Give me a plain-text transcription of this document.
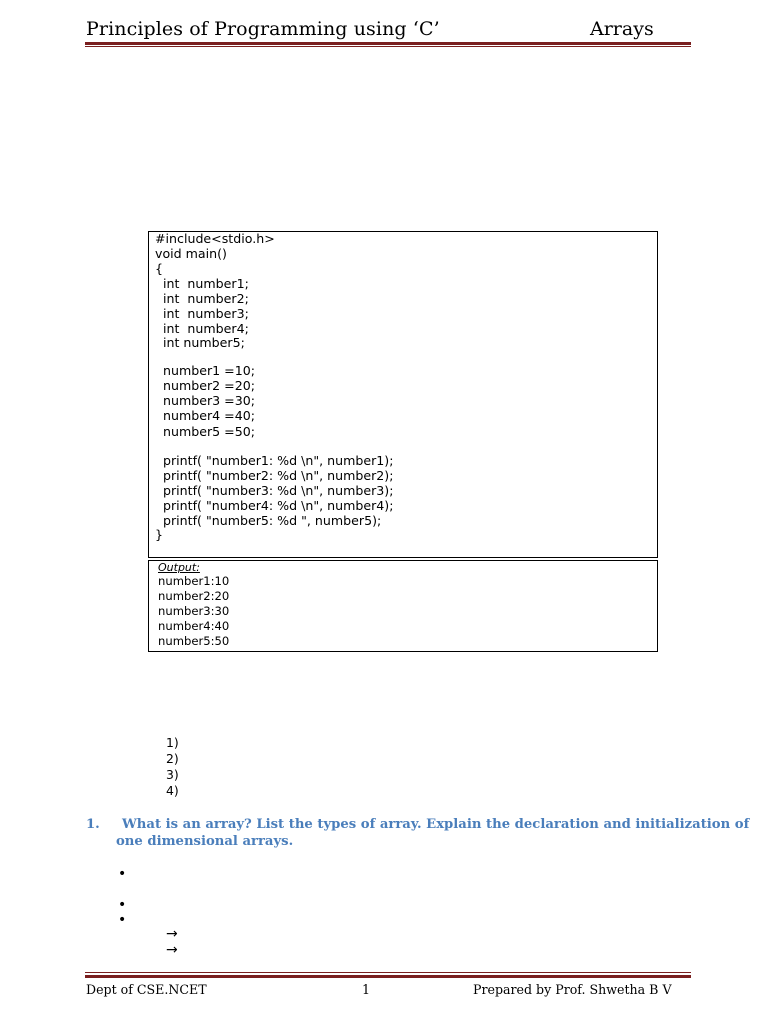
Principles of Programming using ‘C’	Arrays
#include<stdio.h>
void main()
{
int  number1;
int  number2;
int  number3;
int  number4;
int number5;
number1 =10;
number2 =20;
number3 =30;
number4 =40;
number5 =50;
printf( "number1: %d \n", number1);
printf( "number2: %d \n", number2);
printf( "number3: %d \n", number3);
printf( "number4: %d \n", number4);
printf( "number5: %d ", number5);
}
Output:
number1:10
number2:20
number3:30
number4:40
number5:50
1)
2)
3)
4)
1. What is an array? List the types of array. Explain the declaration and initialization of
one dimensional arrays.
•
•
•
→
→
Dept of CSE.NCET	1	Prepared by Prof. Shwetha B V
